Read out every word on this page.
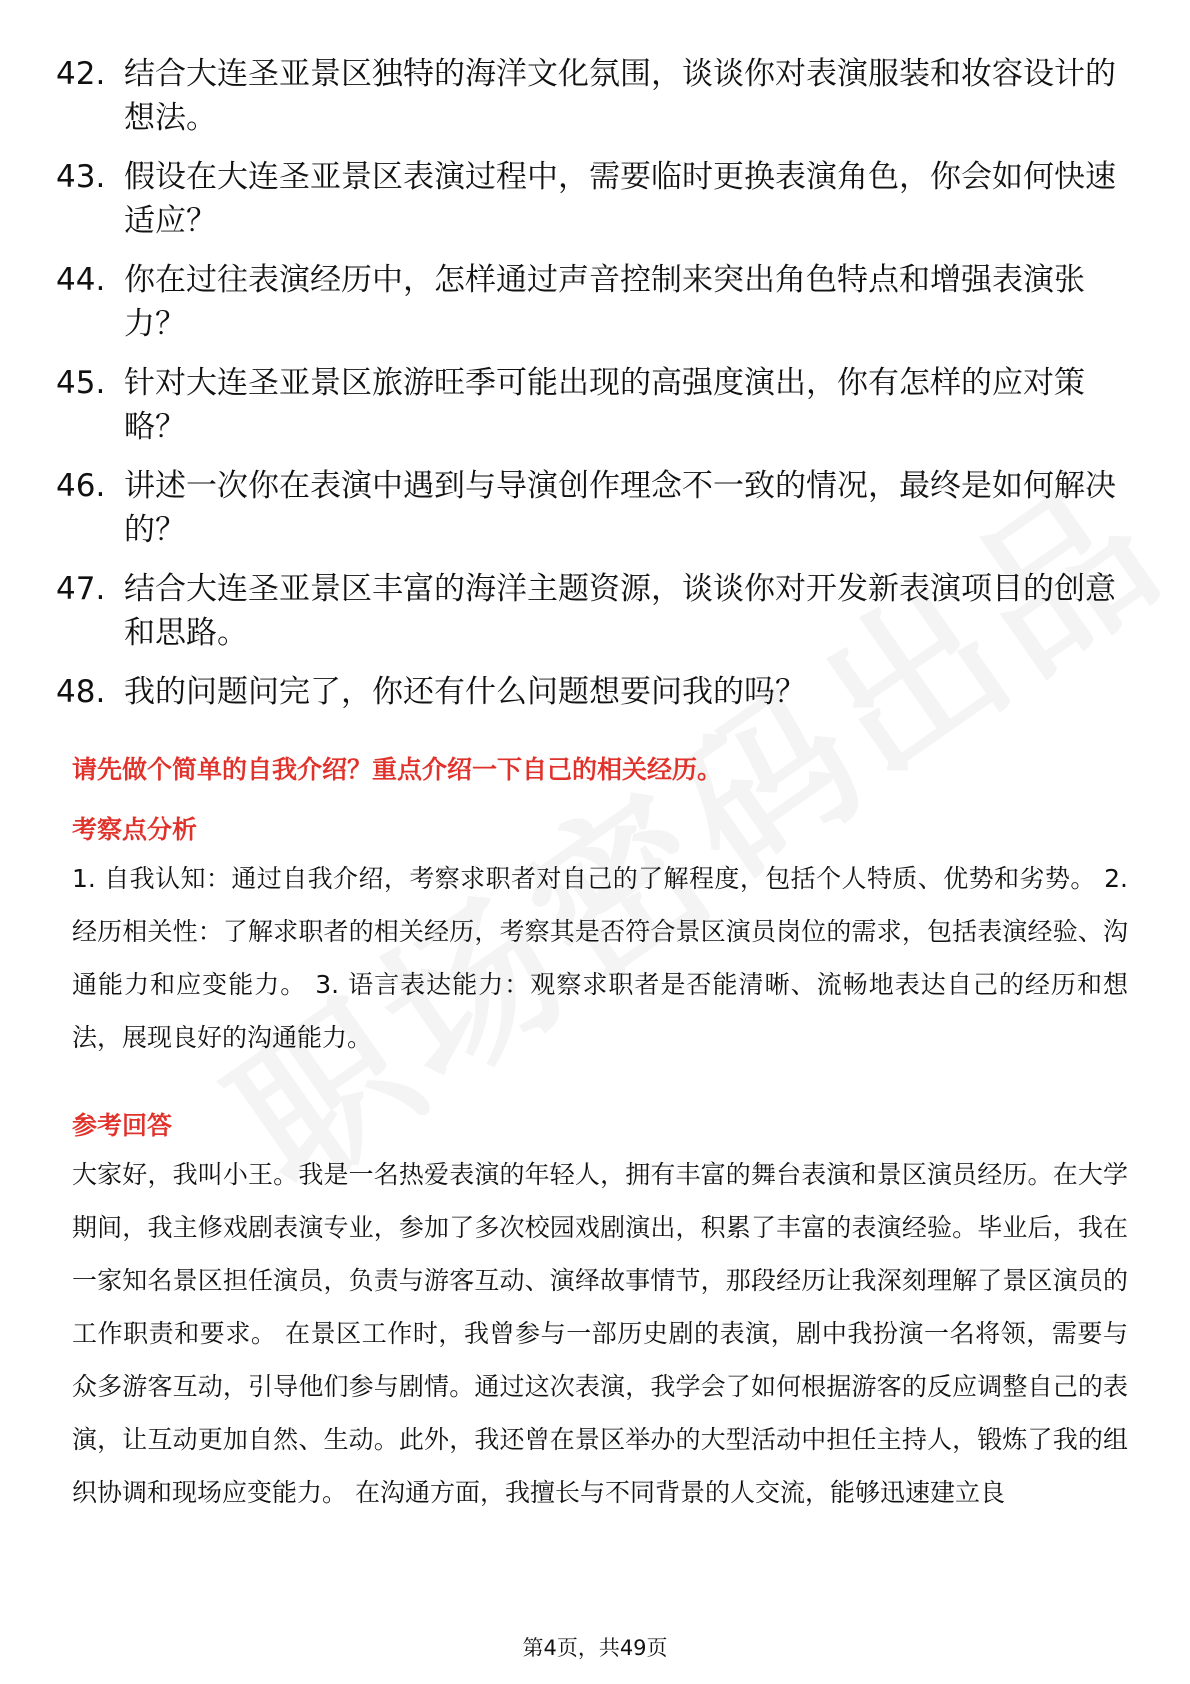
42. 结合大连圣亚景区独特的海洋文化氛围，谈谈你对表演服装和妆容设计的想法。
43. 假设在大连圣亚景区表演过程中，需要临时更换表演角色，你会如何快速适应？
44. 你在过往表演经历中，怎样通过声音控制来突出角色特点和增强表演张力？
45. 针对大连圣亚景区旅游旺季可能出现的高强度演出，你有怎样的应对策略？
46. 讲述一次你在表演中遇到与导演创作理念不一致的情况，最终是如何解决的？
47. 结合大连圣亚景区丰富的海洋主题资源，谈谈你对开发新表演项目的创意和思路。
48. 我的问题问完了，你还有什么问题想要问我的吗？
请先做个简单的自我介绍？重点介绍一下自己的相关经历。
考察点分析

1. 自我认知：通过自我介绍，考察求职者对自己的了解程度，包括个人特质、优势和劣势。 2. 经历相关性：了解求职者的相关经历，考察其是否符合景区演员岗位的需求，包括表演经验、沟通能力和应变能力。 3. 语言表达能力：观察求职者是否能清晰、流畅地表达自己的经历和想法，展现良好的沟通能力。

参考回答

大家好，我叫小王。我是一名热爱表演的年轻人，拥有丰富的舞台表演和景区演员经历。在大学期间，我主修戏剧表演专业，参加了多次校园戏剧演出，积累了丰富的表演经验。毕业后，我在一家知名景区担任演员，负责与游客互动、演绎故事情节，那段经历让我深刻理解了景区演员的工作职责和要求。 在景区工作时，我曾参与一部历史剧的表演，剧中我扮演一名将领，需要与众多游客互动，引导他们参与剧情。通过这次表演，我学会了如何根据游客的反应调整自己的表演，让互动更加自然、生动。此外，我还曾在景区举办的大型活动中担任主持人，锻炼了我的组织协调和现场应变能力。 在沟通方面，我擅长与不同背景的人交流，能够迅速建立良

第4页，共49页
